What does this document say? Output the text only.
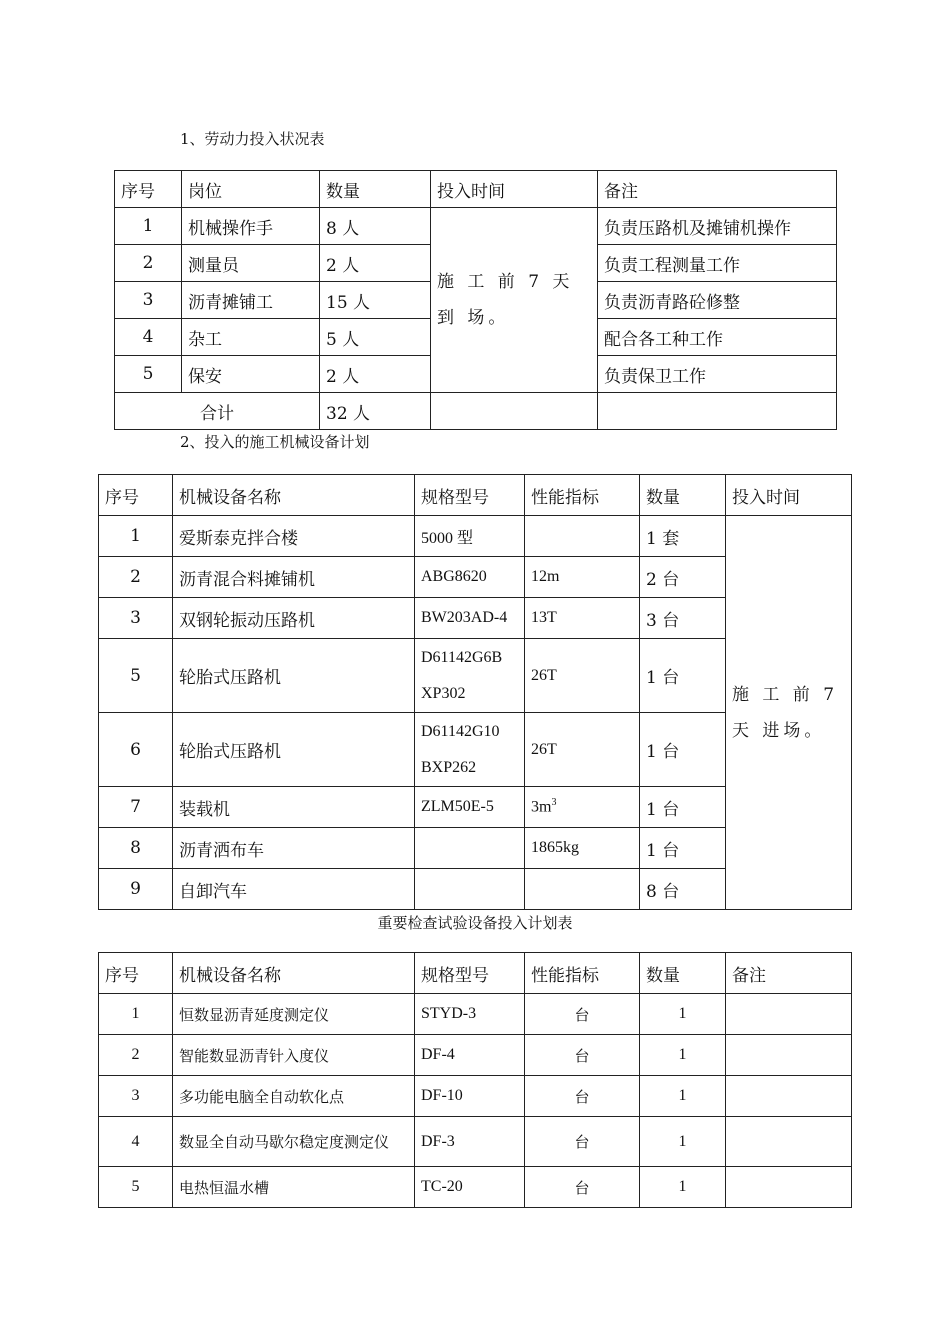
1、劳动力投入状况表
序号	岗位	数量	投入时间	备注
1	机械操作手	8 人	施 工 前 7 天 到 场。	负责压路机及摊铺机操作
2	测量员	2 人		负责工程测量工作
3	沥青摊铺工	15 人		负责沥青路砼修整
4	杂工	5 人		配合各工种工作
5	保安	2 人		负责保卫工作
合计		32 人		
2、投入的施工机械设备计划
序号	机械设备名称	规格型号	性能指标	数量	投入时间
1	爱斯泰克拌合楼	5000 型		1 套	施 工 前 7 天 进场。
2	沥青混合料摊铺机	ABG8620	12m	2 台	
3	双钢轮振动压路机	BW203AD-4	13T	3 台	
5	轮胎式压路机	D61142G6B
XP302	26T	1 台	
6	轮胎式压路机	D61142G10
BXP262	26T	1 台	
7	装载机	ZLM50E-5	$3m^3$	1 台	
8	沥青洒布车		1865kg	1 台	
9	自卸汽车			8 台	
重要检查试验设备投入计划表
序号	机械设备名称	规格型号	性能指标	数量	备注
1	恒数显沥青延度测定仪	STYD-3	台	1	
2	智能数显沥青针入度仪	DF-4	台	1	
3	多功能电脑全自动软化点	DF-10	台	1	
4	数显全自动马歇尔稳定度测定仪	DF-3	台	1	
5	电热恒温水槽	TC-20	台	1	
